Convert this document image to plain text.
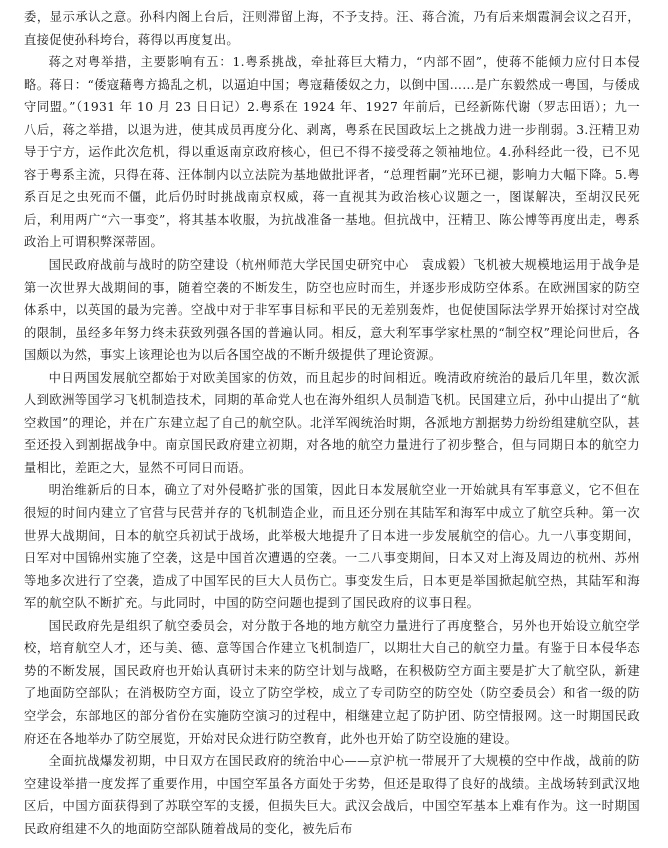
委，显示承认之意。孙科内阁上台后，汪则滞留上海，不予支持。汪、蒋合流，乃有后来烟霞洞会议之召开，直接促使孙科垮台，蒋得以再度复出。

蒋之对粤举措，主要影响有五：1.粤系挑战，牵扯蒋巨大精力，“内部不固”，使蒋不能倾力应付日本侵略。蒋日：“倭寇藉粤方捣乱之机，以逼迫中国；粤寇藉倭奴之力，以倒中国……是广东毅然成一粤国，与倭成守同盟。”（1931 年 10 月 23 日日记）2.粤系在 1924 年、1927 年前后，已经新陈代谢（罗志田语）；九一八后，蒋之举措，以退为进，使其成员再度分化、剥离，粤系在民国政坛上之挑战力进一步削弱。3.汪精卫劝导于宁方，运作此次危机，得以重返南京政府核心，但已不得不接受蒋之领袖地位。4.孙科经此一役，已不见容于粤系主流，只得在蒋、汪体制内以立法院为基地做批评者，“总理哲嗣”光环已褪，影响力大幅下降。5.粤系百足之虫死而不僵，此后仍时时挑战南京权威，蒋一直视其为政治核心议题之一，图谋解决，至胡汉民死后，利用两广“六一事变”，将其基本收服，为抗战准备一基地。但抗战中，汪精卫、陈公博等再度出走，粤系政治上可谓积弊深蒂固。

国民政府战前与战时的防空建设（杭州师范大学民国史研究中心　袁成毅）飞机被大规模地运用于战争是第一次世界大战期间的事，随着空袭的不断发生，防空也应时而生，并逐步形成防空体系。在欧洲国家的防空体系中，以英国的最为完善。空战中对于非军事目标和平民的无差别轰炸，也促使国际法学界开始探讨对空战的限制，虽经多年努力终未获致列强各国的普遍认同。相反，意大利军事学家杜黑的“制空权”理论问世后，各国颇以为然，事实上该理论也为以后各国空战的不断升级提供了理论资源。

中日两国发展航空都始于对欧美国家的仿效，而且起步的时间相近。晚清政府统治的最后几年里，数次派人到欧洲等国学习飞机制造技术，同期的革命党人也在海外组织人员制造飞机。民国建立后，孙中山提出了“航空救国”的理论，并在广东建立起了自己的航空队。北洋军阀统治时期，各派地方割据势力纷纷组建航空队，甚至还投入到割据战争中。南京国民政府建立初期，对各地的航空力量进行了初步整合，但与同期日本的航空力量相比，差距之大，显然不可同日而语。

明治维新后的日本，确立了对外侵略扩张的国策，因此日本发展航空业一开始就具有军事意义，它不但在很短的时间内建立了官营与民营并存的飞机制造企业，而且还分别在其陆军和海军中成立了航空兵种。第一次世界大战期间，日本的航空兵初试于战场，此举极大地提升了日本进一步发展航空的信心。九一八事变期间，日军对中国锦州实施了空袭，这是中国首次遭遇的空袭。一二八事变期间，日本又对上海及周边的杭州、苏州等地多次进行了空袭，造成了中国军民的巨大人员伤亡。事变发生后，日本更是举国掀起航空热，其陆军和海军的航空队不断扩充。与此同时，中国的防空问题也提到了国民政府的议事日程。

国民政府先是组织了航空委员会，对分散于各地的地方航空力量进行了再度整合，另外也开始设立航空学校，培育航空人才，还与美、德、意等国合作建立飞机制造厂，以期壮大自己的航空力量。有鉴于日本侵华态势的不断发展，国民政府也开始认真研讨未来的防空计划与战略，在积极防空方面主要是扩大了航空队，新建了地面防空部队；在消极防空方面，设立了防空学校，成立了专司防空的防空处（防空委员会）和省一级的防空学会，东部地区的部分省份在实施防空演习的过程中，相继建立起了防护团、防空情报网。这一时期国民政府还在各地举办了防空展览，开始对民众进行防空教育，此外也开始了防空设施的建设。

全面抗战爆发初期，中日双方在国民政府的统治中心——京沪杭一带展开了大规模的空中作战，战前的防空建设举措一度发挥了重要作用，中国空军虽各方面处于劣势，但还是取得了良好的战绩。主战场转到武汉地区后，中国方面获得到了苏联空军的支援，但损失巨大。武汉会战后，中国空军基本上难有作为。这一时期国民政府组建不久的地面防空部队随着战局的变化，被先后布
